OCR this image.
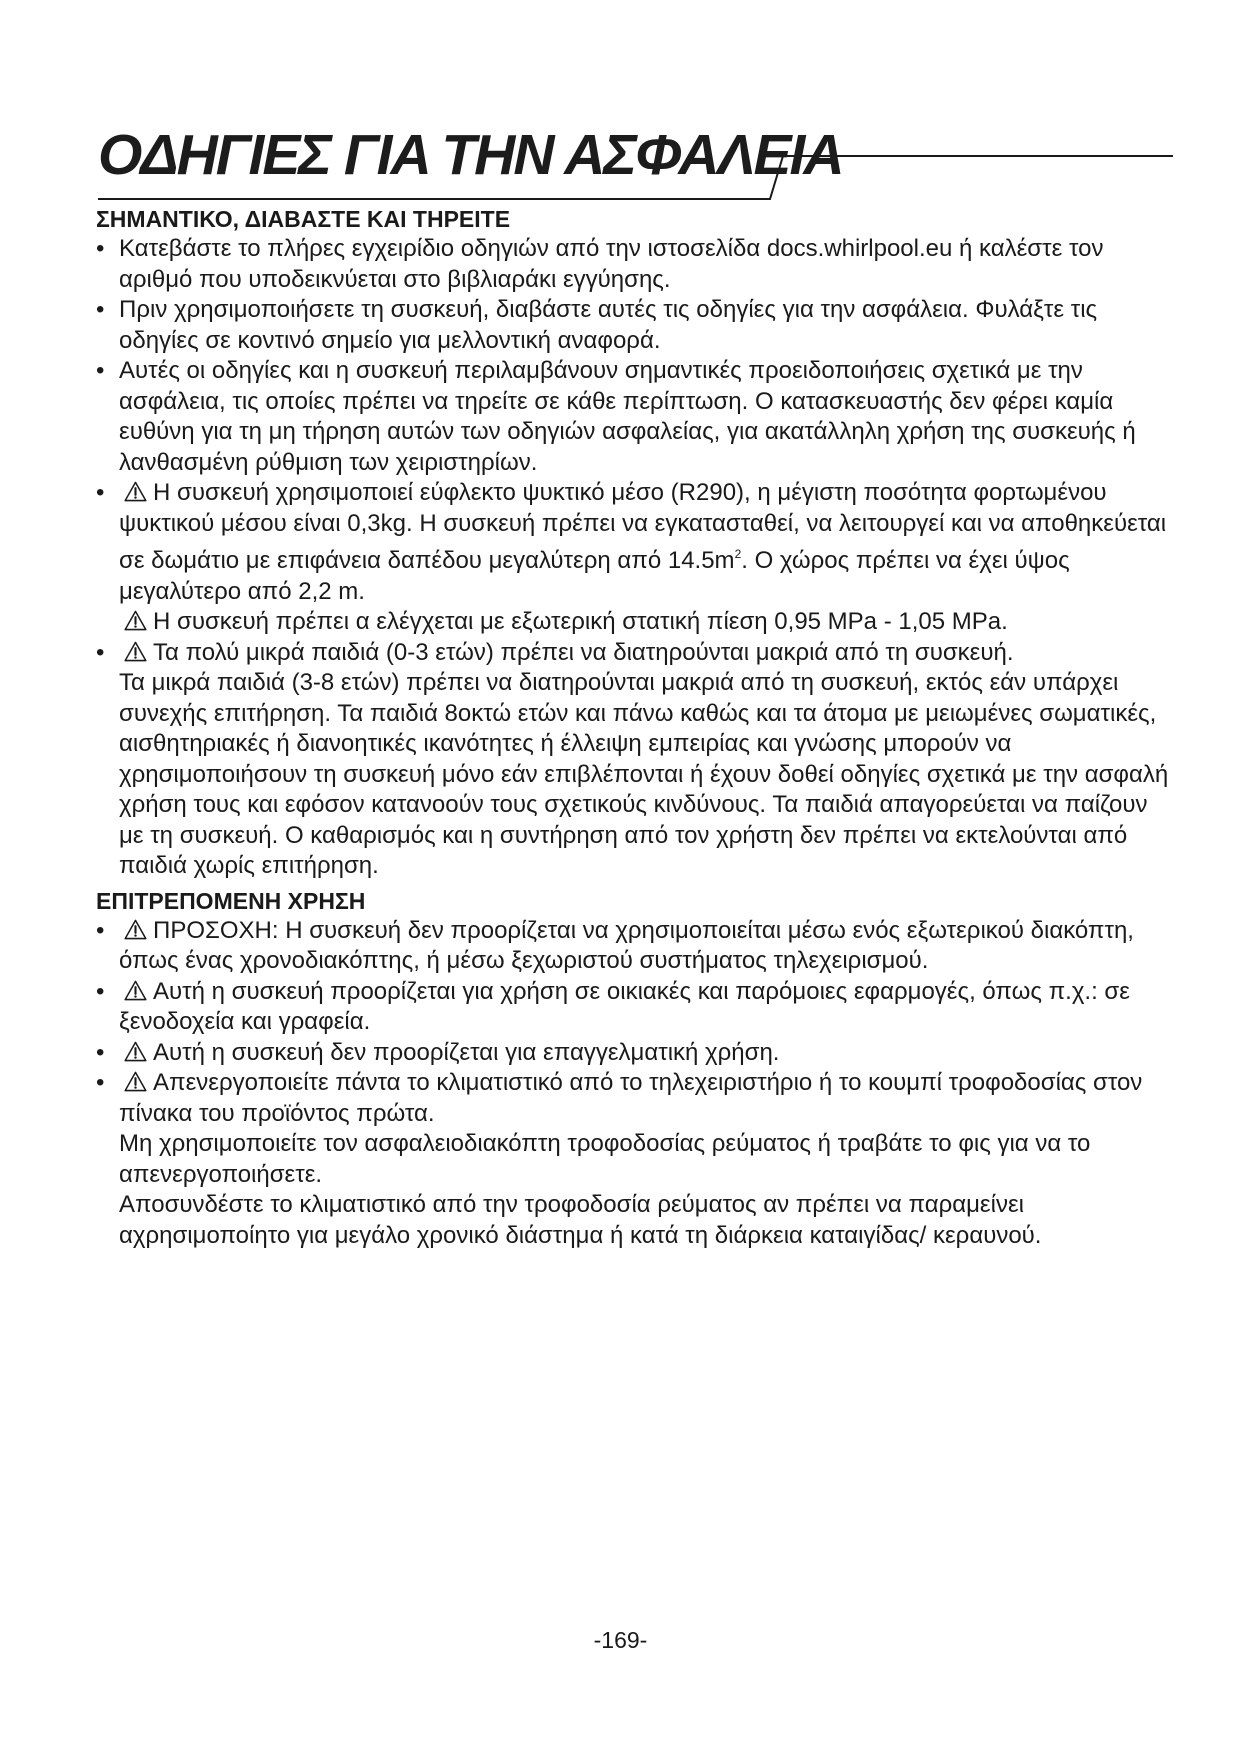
ΟΔΗΓΙΕΣ ΓΙΑ ΤΗΝ ΑΣΦΑΛΕΙΑ
ΣΗΜΑΝΤΙΚΟ, ΔΙΑΒΑΣΤΕ ΚΑΙ ΤΗΡΕΙΤΕ
• Κατεβάστε το πλήρες εγχειρίδιο οδηγιών από την ιστοσελίδα docs.whirlpool.eu ή καλέστε τον αριθμό που υποδεικνύεται στο βιβλιαράκι εγγύησης.
• Πριν χρησιμοποιήσετε τη συσκευή, διαβάστε αυτές τις οδηγίες για την ασφάλεια. Φυλάξτε τις οδηγίες σε κοντινό σημείο για μελλοντική αναφορά.
• Αυτές οι οδηγίες και η συσκευή περιλαμβάνουν σημαντικές προειδοποιήσεις σχετικά με την ασφάλεια, τις οποίες πρέπει να τηρείτε σε κάθε περίπτωση. Ο κατασκευαστής δεν φέρει καμία ευθύνη για τη μη τήρηση αυτών των οδηγιών ασφαλείας, για ακατάλληλη χρήση της συσκευής ή λανθασμένη ρύθμιση των χειριστηρίων.
•	Η συσκευή χρησιμοποιεί εύφλεκτο ψυκτικό μέσο (R290), η μέγιστη ποσότητα φορτωμένου ψυκτικού μέσου είναι 0,3kg. Η συσκευή πρέπει να εγκατασταθεί, να λειτουργεί και να αποθηκεύεται σε δωμάτιο με επιφάνεια δαπέδου μεγαλύτερη από $14.5m^2$. Ο χώρος πρέπει να έχει ύψος μεγαλύτερο από 2,2 m.
Η συσκευή πρέπει α ελέγχεται με εξωτερική στατική πίεση 0,95 MPa - 1,05 MPa.
•	Τα πολύ μικρά παιδιά (0-3 ετών) πρέπει να διατηρούνται μακριά από τη συσκευή.
Τα μικρά παιδιά (3-8 ετών) πρέπει να διατηρούνται μακριά από τη συσκευή, εκτός εάν υπάρχει συνεχής επιτήρηση. Τα παιδιά 8οκτώ ετών και πάνω καθώς και τα άτομα με μειωμένες σωματικές, αισθητηριακές ή διανοητικές ικανότητες ή έλλειψη εμπειρίας και γνώσης μπορούν να χρησιμοποιήσουν τη συσκευή μόνο εάν επιβλέπονται ή έχουν δοθεί οδηγίες σχετικά με την ασφαλή χρήση τους και εφόσον κατανοούν τους σχετικούς κινδύνους. Τα παιδιά απαγορεύεται να παίζουν με τη συσκευή. Ο καθαρισμός και η συντήρηση από τον χρήστη δεν πρέπει να εκτελούνται από παιδιά χωρίς επιτήρηση.
ΕΠΙΤΡΕΠΟΜΕΝΗ ΧΡΗΣΗ
•	ΠΡΟΣΟΧΗ: Η συσκευή δεν προορίζεται να χρησιμοποιείται μέσω ενός εξωτερικού διακόπτη, όπως ένας χρονοδιακόπτης, ή μέσω ξεχωριστού συστήματος τηλεχειρισμού.
•	Αυτή η συσκευή προορίζεται για χρήση σε οικιακές και παρόμοιες εφαρμογές, όπως π.χ.: σε ξενοδοχεία και γραφεία.
•	Αυτή η συσκευή δεν προορίζεται για επαγγελματική χρήση.
•	Απενεργοποιείτε πάντα το κλιματιστικό από το τηλεχειριστήριο ή το κουμπί τροφοδοσίας στον πίνακα του προϊόντος πρώτα.
Μη χρησιμοποιείτε τον ασφαλειοδιακόπτη τροφοδοσίας ρεύματος ή τραβάτε το φις για να το απενεργοποιήσετε.
Αποσυνδέστε το κλιματιστικό από την τροφοδοσία ρεύματος αν πρέπει να παραμείνει αχρησιμοποίητο για μεγάλο χρονικό διάστημα ή κατά τη διάρκεια καταιγίδας/ κεραυνού.
-169-
